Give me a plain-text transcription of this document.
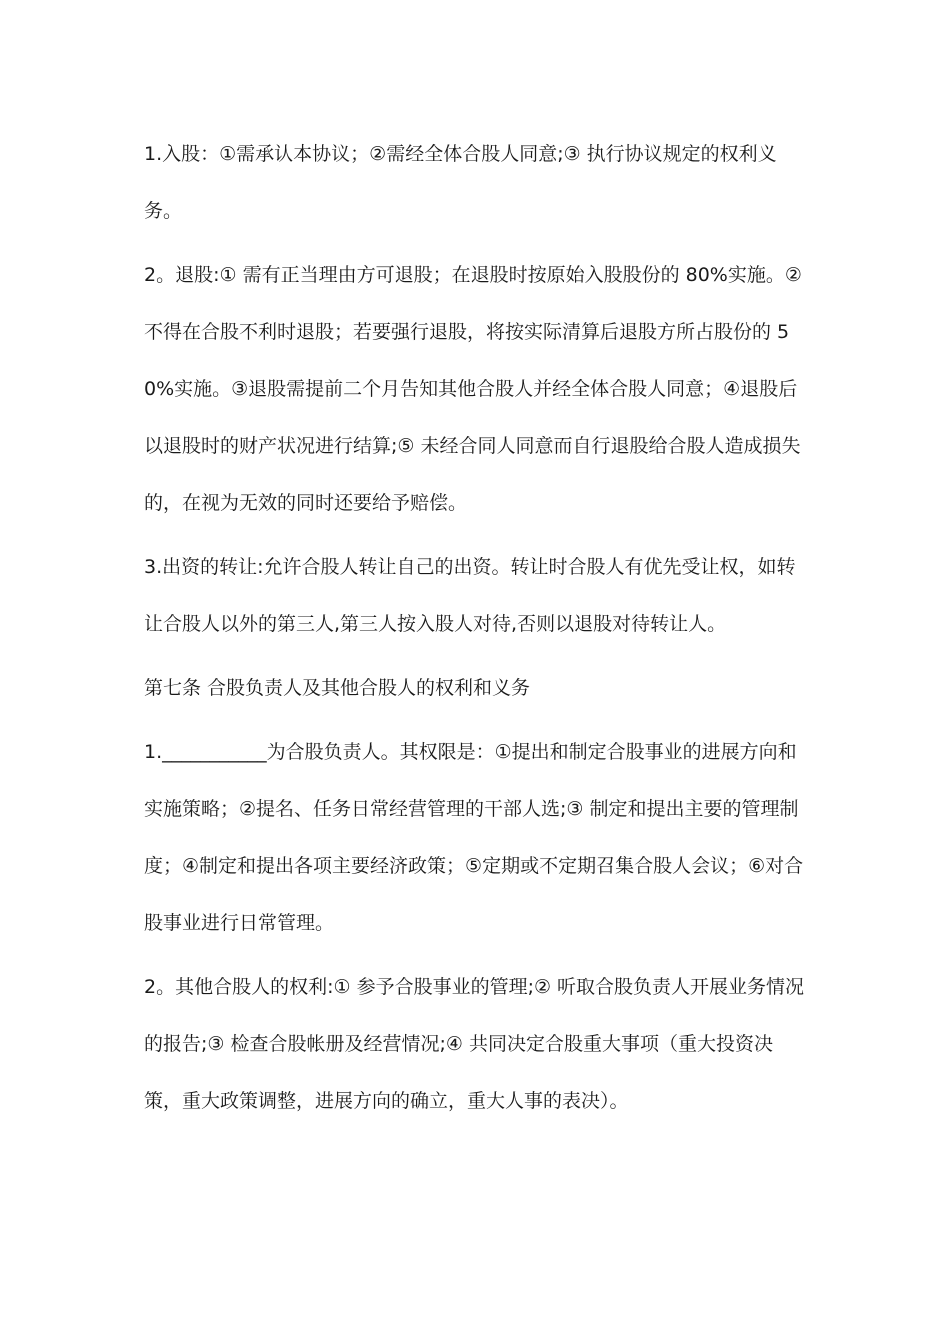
1.入股：①需承认本协议；②需经全体合股人同意;③ 执行协议规定的权利义务。

2。退股:① 需有正当理由方可退股；在退股时按原始入股股份的 80%实施。②不得在合股不利时退股；若要强行退股，将按实际清算后退股方所占股份的 50%实施。③退股需提前二个月告知其他合股人并经全体合股人同意；④退股后以退股时的财产状况进行结算;⑤ 未经合同人同意而自行退股给合股人造成损失的，在视为无效的同时还要给予赔偿。

3.出资的转让:允许合股人转让自己的出资。转让时合股人有优先受让权，如转让合股人以外的第三人,第三人按入股人对待,否则以退股对待转让人。

第七条 合股负责人及其他合股人的权利和义务

1.___________为合股负责人。其权限是：①提出和制定合股事业的进展方向和实施策略；②提名、任务日常经营管理的干部人选;③ 制定和提出主要的管理制度；④制定和提出各项主要经济政策；⑤定期或不定期召集合股人会议；⑥对合股事业进行日常管理。

2。其他合股人的权利:① 参予合股事业的管理;② 听取合股负责人开展业务情况的报告;③ 检查合股帐册及经营情况;④ 共同决定合股重大事项（重大投资决策，重大政策调整，进展方向的确立，重大人事的表决）。
